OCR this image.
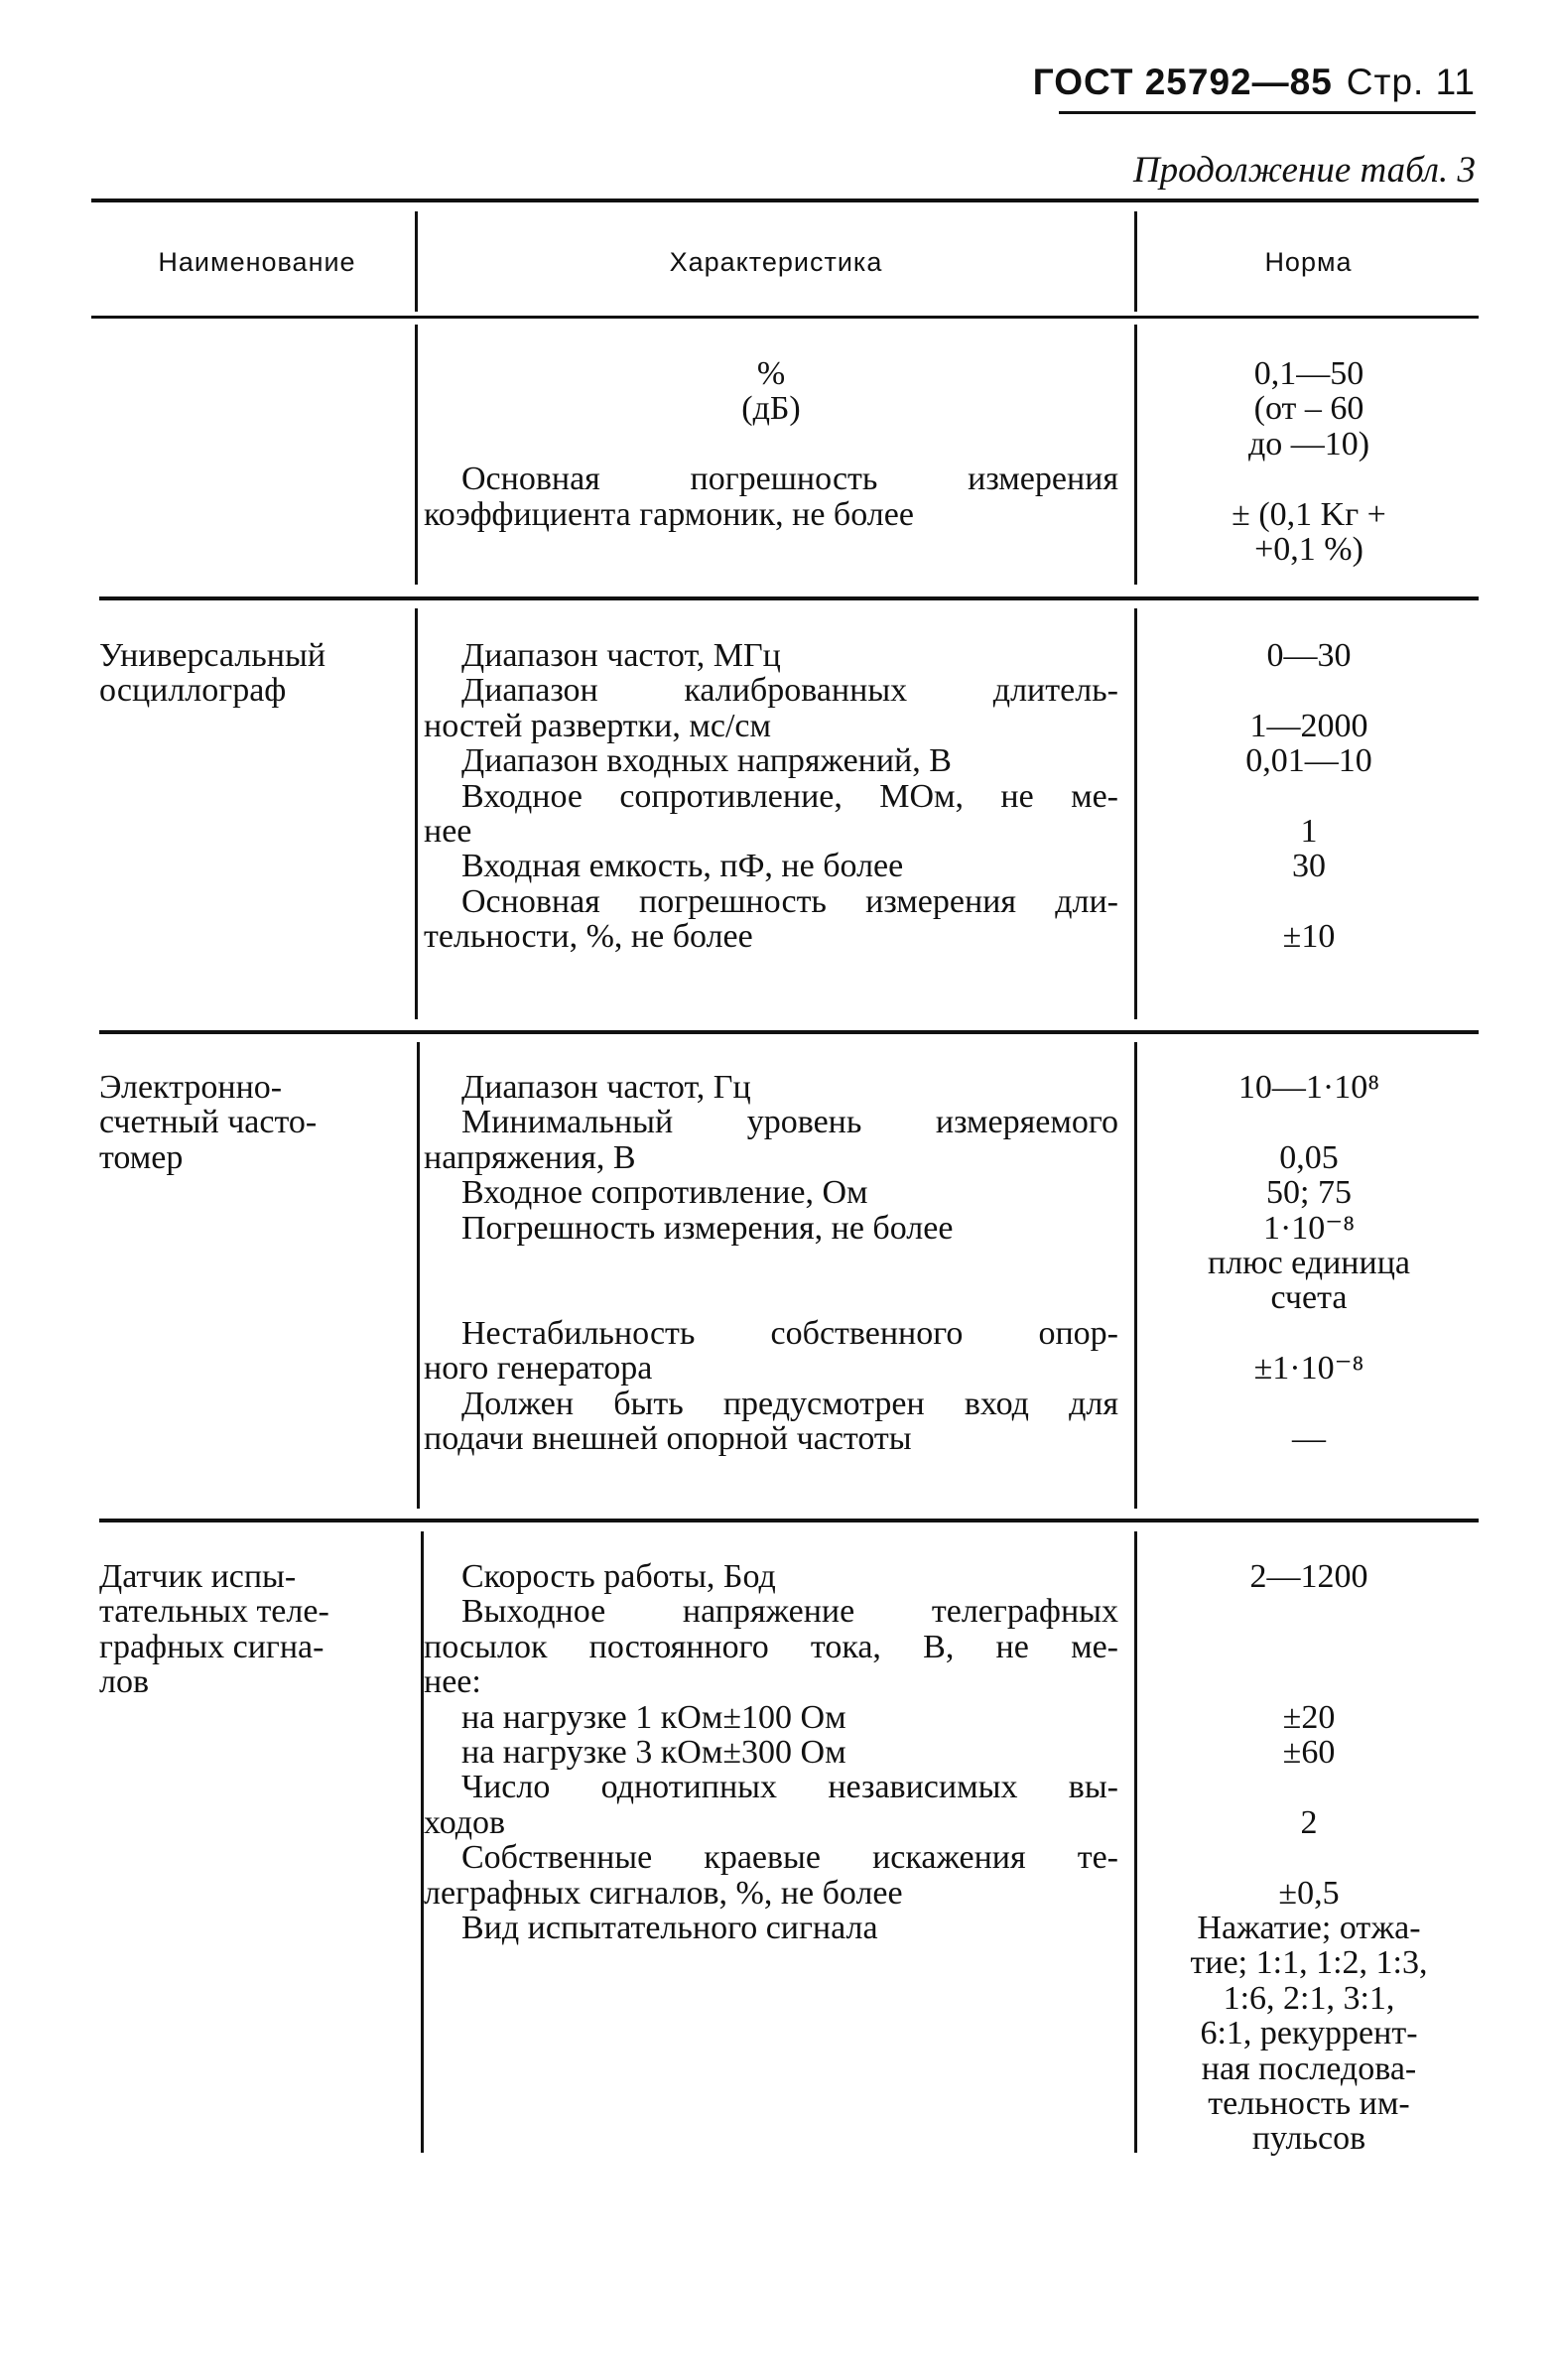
ГОСТ 25792—85 Стр. 11
Продолжение табл. 3
Наименование	Характеристика	Норма
%
(дБ)
Основная погрешность измерения
коэффициента гармоник, не более
0,1—50
(от – 60
до —10)
± (0,1 Kг +
+0,1 %)
Универсальный
осциллограф
Диапазон частот, МГц
Диапазон калиброванных длитель-
ностей развертки, мс/см
Диапазон входных напряжений, В
Входное сопротивление, МОм, не ме-
нее
Входная емкость, пФ, не более
Основная погрешность измерения дли-
тельности, %, не более
0—30
1—2000
0,01—10
1
30
±10
Электронно-
счетный часто-
томер
Диапазон частот, Гц
Минимальный уровень измеряемого
напряжения, В
Входное сопротивление, Ом
Погрешность измерения, не более
Нестабильность собственного опор-
ного генератора
Должен быть предусмотрен вход для
подачи внешней опорной частоты
10—1·10⁸
0,05
50; 75
1·10⁻⁸
плюс единица
счета
±1·10⁻⁸
—
Датчик испы-
тательных теле-
графных сигна-
лов
Скорость работы, Бод
Выходное напряжение телеграфных
посылок постоянного тока, В, не ме-
нее:
на нагрузке 1 кОм±100 Ом
на нагрузке 3 кОм±300 Ом
Число однотипных независимых вы-
ходов
Собственные краевые искажения те-
леграфных сигналов, %, не более
Вид испытательного сигнала
2—1200
±20
±60
2
±0,5
Нажатие; отжа-
тие; 1:1, 1:2, 1:3,
1:6, 2:1, 3:1,
6:1, рекуррент-
ная последова-
тельность им-
пульсов
